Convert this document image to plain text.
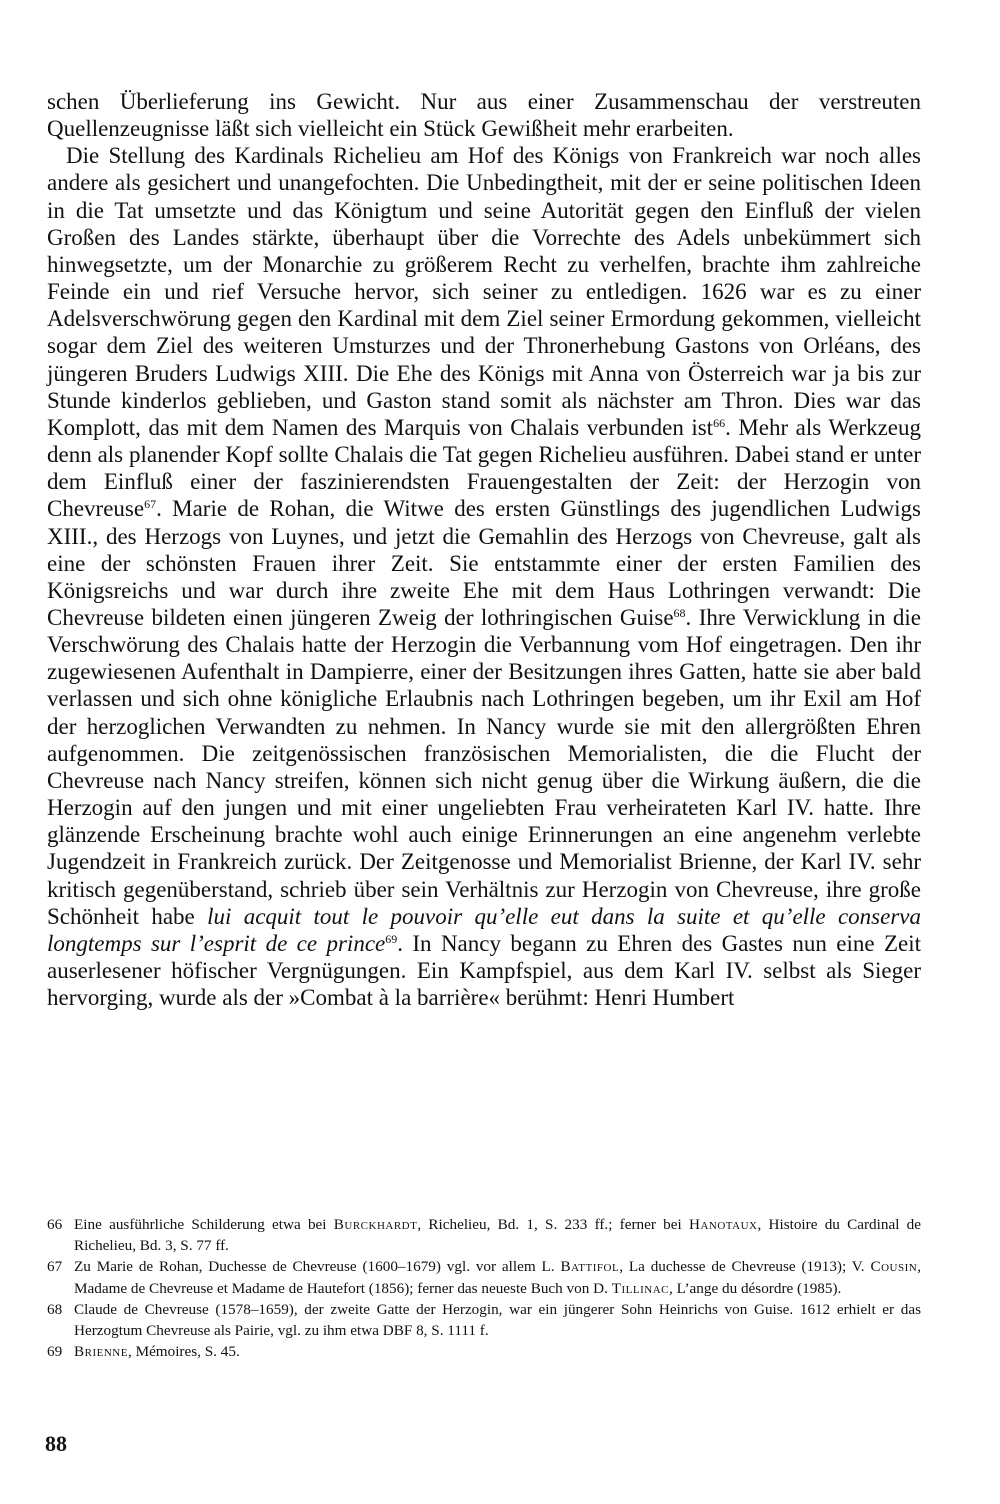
schen Überlieferung ins Gewicht. Nur aus einer Zusammenschau der verstreuten Quellenzeugnisse läßt sich vielleicht ein Stück Gewißheit mehr erarbeiten.

Die Stellung des Kardinals Richelieu am Hof des Königs von Frankreich war noch alles andere als gesichert und unangefochten. Die Unbedingtheit, mit der er seine politischen Ideen in die Tat umsetzte und das Königtum und seine Autorität gegen den Einfluß der vielen Großen des Landes stärkte, überhaupt über die Vorrechte des Adels unbekümmert sich hinwegsetzte, um der Monarchie zu größerem Recht zu verhelfen, brachte ihm zahlreiche Feinde ein und rief Versuche hervor, sich seiner zu entledigen. 1626 war es zu einer Adelsverschwörung gegen den Kardinal mit dem Ziel seiner Ermordung gekommen, vielleicht sogar dem Ziel des weiteren Umsturzes und der Thronerhebung Gastons von Orléans, des jüngeren Bruders Ludwigs XIII. Die Ehe des Königs mit Anna von Österreich war ja bis zur Stunde kinderlos geblieben, und Gaston stand somit als nächster am Thron. Dies war das Komplott, das mit dem Namen des Marquis von Chalais verbunden ist$^{66}$. Mehr als Werkzeug denn als planender Kopf sollte Chalais die Tat gegen Richelieu ausführen. Dabei stand er unter dem Einfluß einer der faszinierendsten Frauengestalten der Zeit: der Herzogin von Chevreuse$^{67}$. Marie de Rohan, die Witwe des ersten Günstlings des jugendlichen Ludwigs XIII., des Herzogs von Luynes, und jetzt die Gemahlin des Herzogs von Chevreuse, galt als eine der schönsten Frauen ihrer Zeit. Sie entstammte einer der ersten Familien des Königsreichs und war durch ihre zweite Ehe mit dem Haus Lothringen verwandt: Die Chevreuse bildeten einen jüngeren Zweig der lothringischen Guise$^{68}$. Ihre Verwicklung in die Verschwörung des Chalais hatte der Herzogin die Verbannung vom Hof eingetragen. Den ihr zugewiesenen Aufenthalt in Dampierre, einer der Besitzungen ihres Gatten, hatte sie aber bald verlassen und sich ohne königliche Erlaubnis nach Lothringen begeben, um ihr Exil am Hof der herzoglichen Verwandten zu nehmen. In Nancy wurde sie mit den allergrößten Ehren aufgenommen. Die zeitgenössischen französischen Memorialisten, die die Flucht der Chevreuse nach Nancy streifen, können sich nicht genug über die Wirkung äußern, die die Herzogin auf den jungen und mit einer ungeliebten Frau verheirateten Karl IV. hatte. Ihre glänzende Erscheinung brachte wohl auch einige Erinnerungen an eine angenehm verlebte Jugendzeit in Frankreich zurück. Der Zeitgenosse und Memorialist Brienne, der Karl IV. sehr kritisch gegenüberstand, schrieb über sein Verhältnis zur Herzogin von Chevreuse, ihre große Schönheit habe lui acquit tout le pouvoir qu’elle eut dans la suite et qu’elle conserva longtemps sur l’esprit de ce prince$^{69}$. In Nancy begann zu Ehren des Gastes nun eine Zeit auserlesener höfischer Vergnügungen. Ein Kampfspiel, aus dem Karl IV. selbst als Sieger hervorging, wurde als der »Combat à la barrière« berühmt: Henri Humbert

66 Eine ausführliche Schilderung etwa bei Burckhardt, Richelieu, Bd. 1, S. 233 ff.; ferner bei Hanotaux, Histoire du Cardinal de Richelieu, Bd. 3, S. 77 ff.
67 Zu Marie de Rohan, Duchesse de Chevreuse (1600–1679) vgl. vor allem L. Battifol, La duchesse de Chevreuse (1913); V. Cousin, Madame de Chevreuse et Madame de Hautefort (1856); ferner das neueste Buch von D. Tillinac, L’ange du désordre (1985).
68 Claude de Chevreuse (1578–1659), der zweite Gatte der Herzogin, war ein jüngerer Sohn Heinrichs von Guise. 1612 erhielt er das Herzogtum Chevreuse als Pairie, vgl. zu ihm etwa DBF 8, S. 1111 f.
69 Brienne, Mémoires, S. 45.
88
